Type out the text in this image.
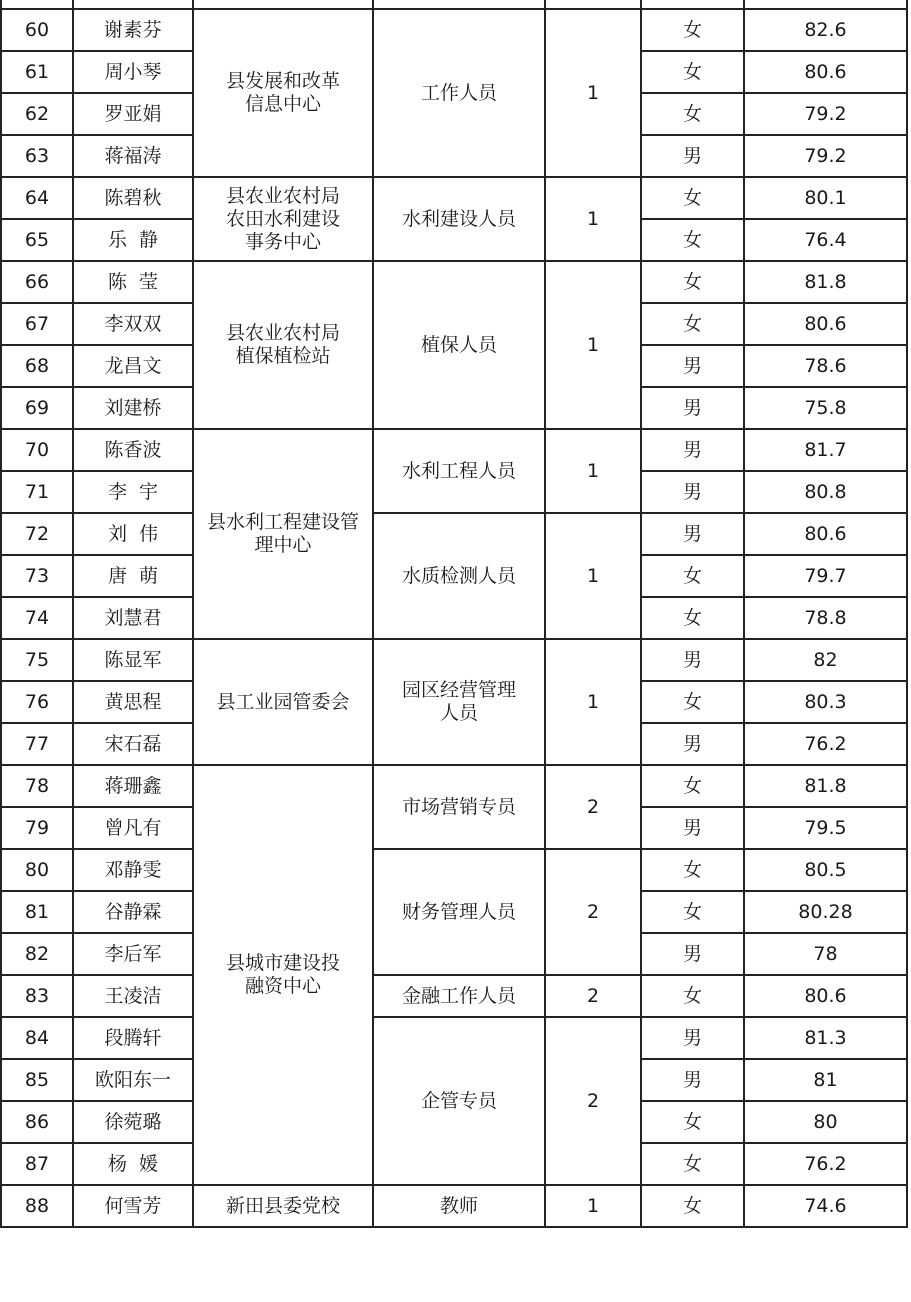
60	谢素芬	县发展和改革信息中心	工作人员	1	女	82.6
61	周小琴				女	80.6
62	罗亚娟				女	79.2
63	蒋福涛				男	79.2
64	陈碧秋	县农业农村局农田水利建设事务中心	水利建设人员	1	女	80.1
65	乐  静				女	76.4
66	陈  莹	县农业农村局植保植检站	植保人员	1	女	81.8
67	李双双				女	80.6
68	龙昌文				男	78.6
69	刘建桥				男	75.8
70	陈香波	县水利工程建设管理中心	水利工程人员	1	男	81.7
71	李  宇				男	80.8
72	刘  伟		水质检测人员	1	男	80.6
73	唐  萌				女	79.7
74	刘慧君				女	78.8
75	陈显军	县工业园管委会	园区经营管理人员	1	男	82
76	黄思程				女	80.3
77	宋石磊				男	76.2
78	蒋珊鑫	县城市建设投融资中心	市场营销专员	2	女	81.8
79	曾凡有				男	79.5
80	邓静雯		财务管理人员	2	女	80.5
81	谷静霖				女	80.28
82	李后军				男	78
83	王凌洁		金融工作人员	2	女	80.6
84	段腾轩		企管专员	2	男	81.3
85	欧阳东一				男	81
86	徐菀璐				女	80
87	杨  媛				女	76.2
88	何雪芳	新田县委党校	教师	1	女	74.6
